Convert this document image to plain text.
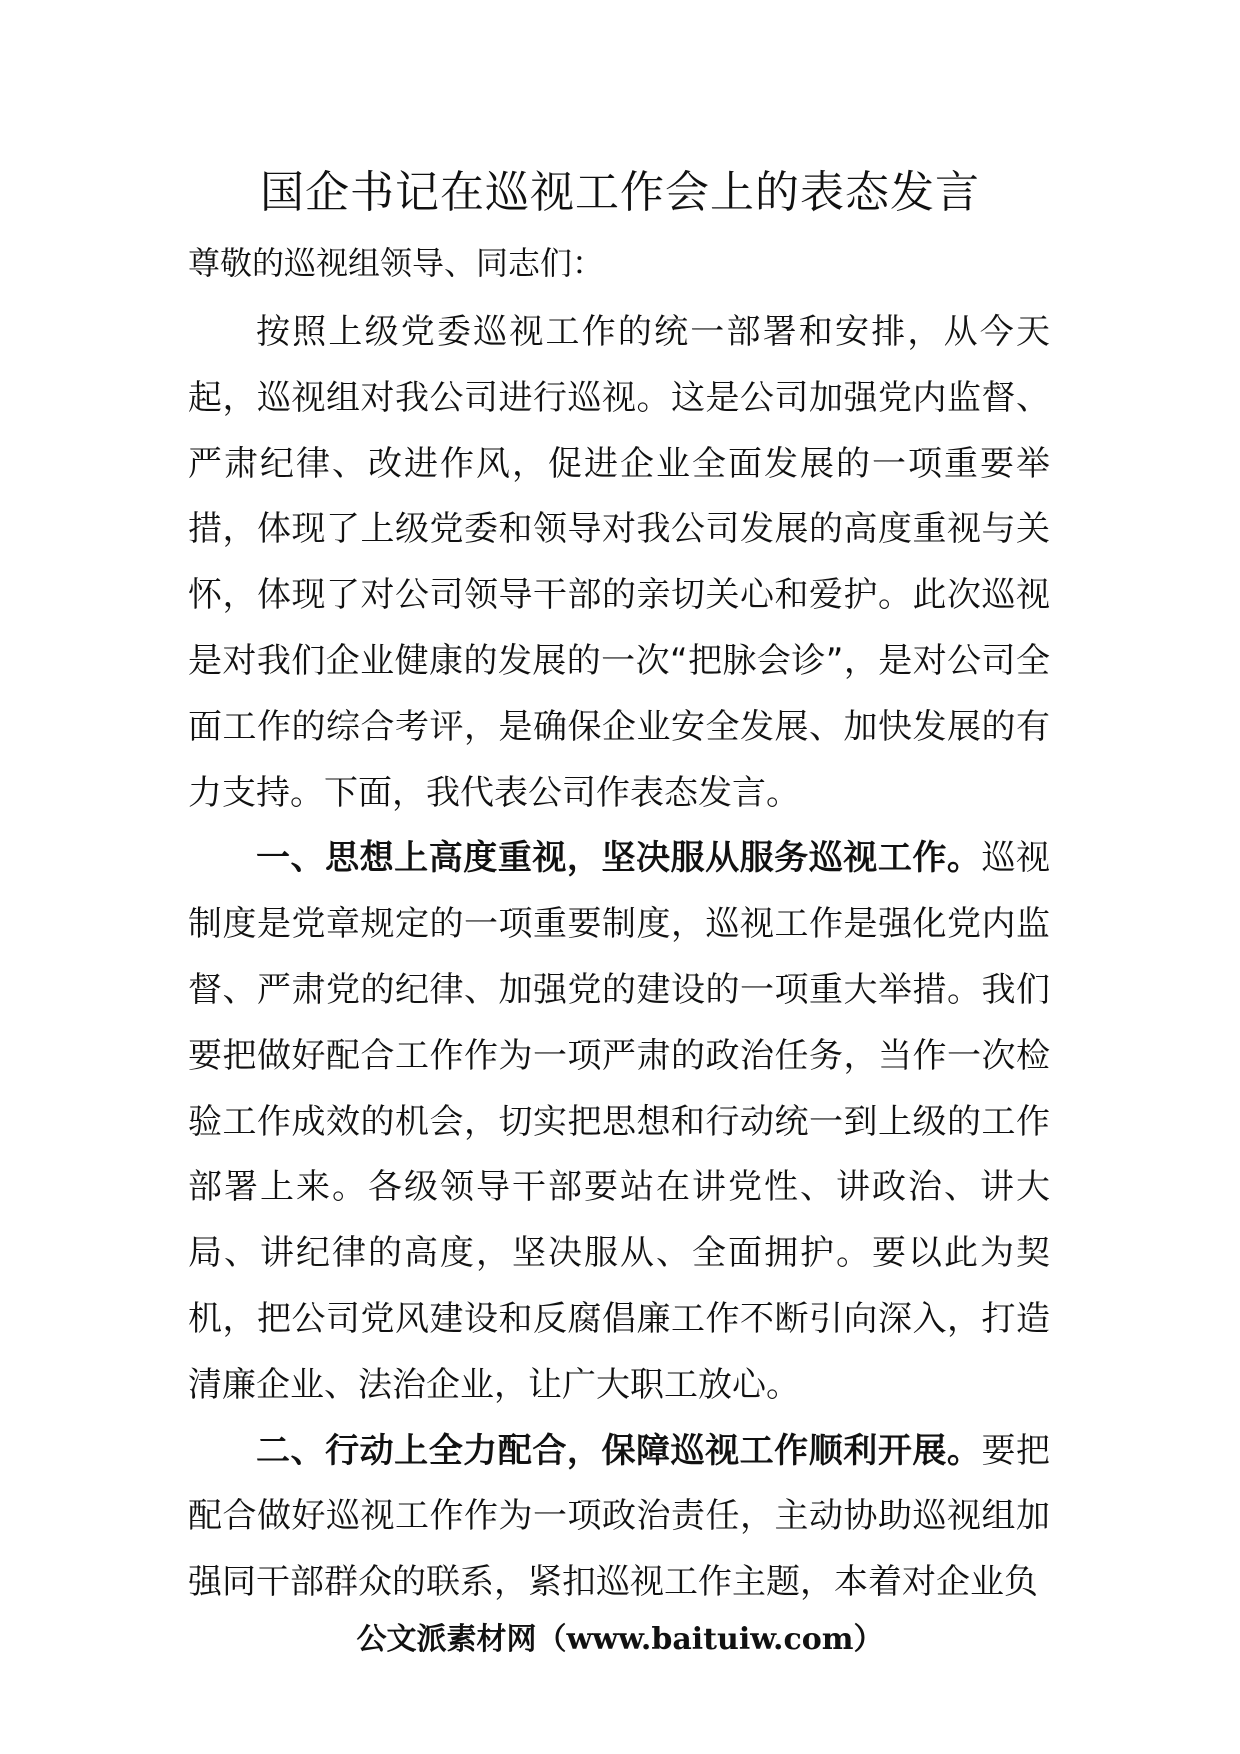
国企书记在巡视工作会上的表态发言
尊敬的巡视组领导、同志们：

按照上级党委巡视工作的统一部署和安排，从今天起，巡视组对我公司进行巡视。这是公司加强党内监督、严肃纪律、改进作风，促进企业全面发展的一项重要举措，体现了上级党委和领导对我公司发展的高度重视与关怀，体现了对公司领导干部的亲切关心和爱护。此次巡视是对我们企业健康的发展的一次“把脉会诊”，是对公司全面工作的综合考评，是确保企业安全发展、加快发展的有力支持。下面，我代表公司作表态发言。

一、思想上高度重视，坚决服从服务巡视工作。巡视制度是党章规定的一项重要制度，巡视工作是强化党内监督、严肃党的纪律、加强党的建设的一项重大举措。我们要把做好配合工作作为一项严肃的政治任务，当作一次检验工作成效的机会，切实把思想和行动统一到上级的工作部署上来。各级领导干部要站在讲党性、讲政治、讲大局、讲纪律的高度，坚决服从、全面拥护。要以此为契机，把公司党风建设和反腐倡廉工作不断引向深入，打造清廉企业、法治企业，让广大职工放心。

二、行动上全力配合，保障巡视工作顺利开展。要把配合做好巡视工作作为一项政治责任，主动协助巡视组加强同干部群众的联系，紧扣巡视工作主题，本着对企业负

公文派素材网（www.baituiw.com）
